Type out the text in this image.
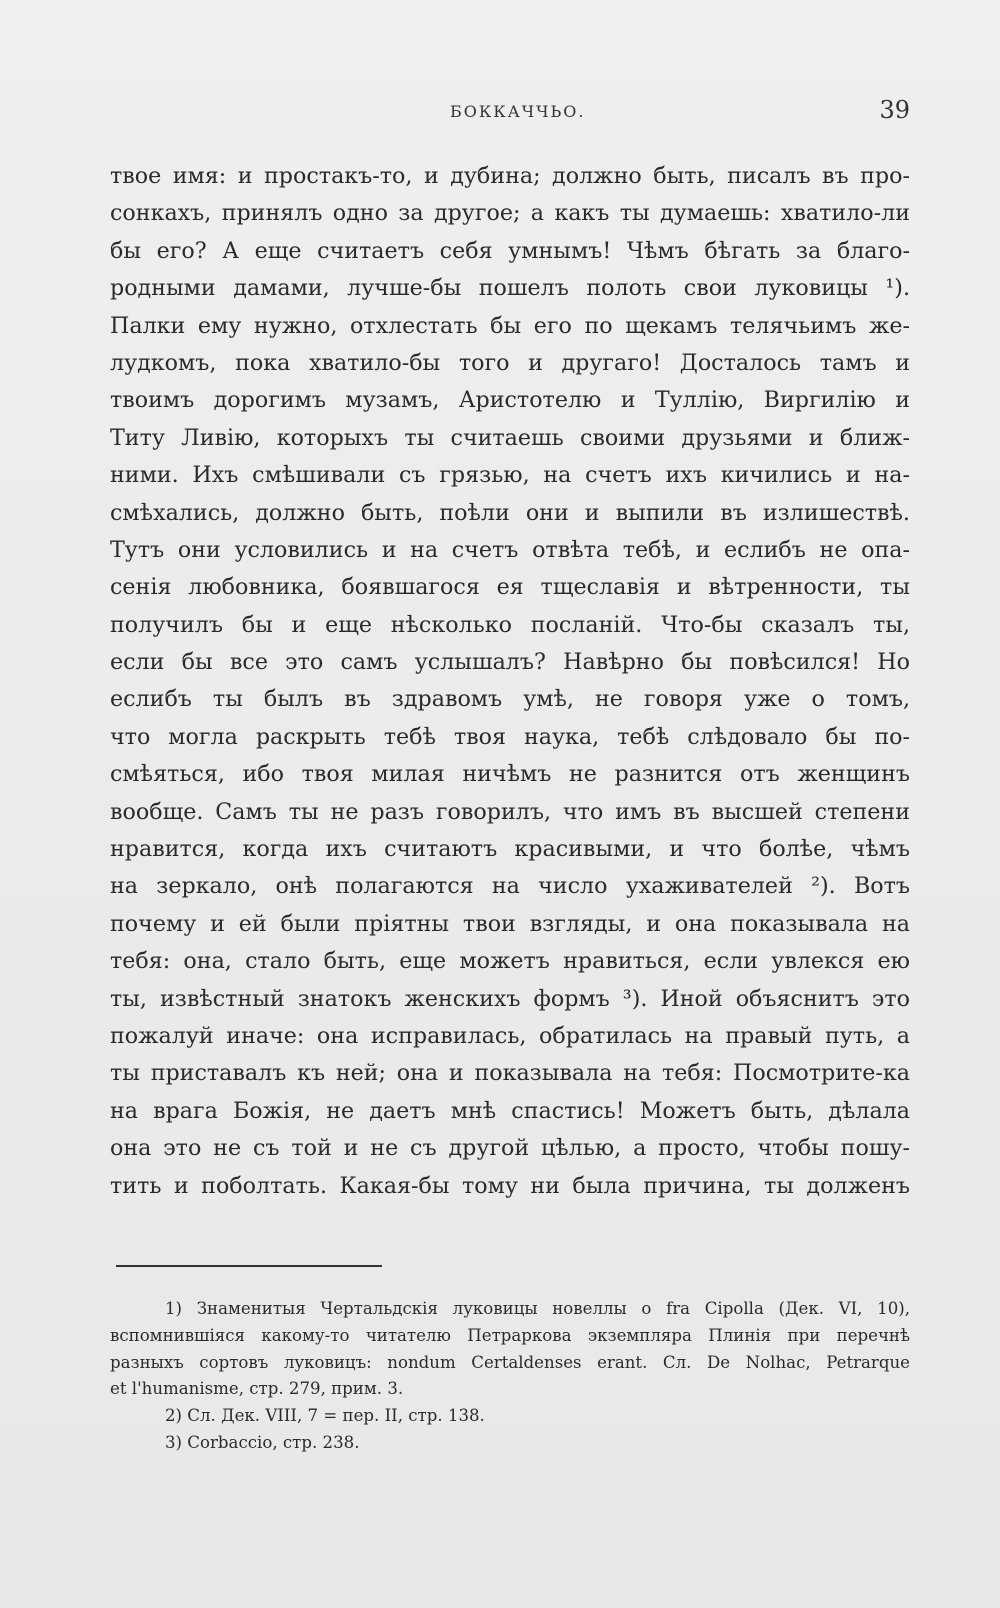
БОККАЧЧЬО.	39
твое имя: и простакъ-то, и дубина; должно быть, писалъ въ про-
сонкахъ, принялъ одно за другое; а какъ ты думаешь: хватило-ли
бы его? А еще считаетъ себя умнымъ! Чѣмъ бѣгать за благо-
родными дамами, лучше-бы пошелъ полоть свои луковицы ¹).
Палки ему нужно, отхлестать бы его по щекамъ телячьимъ же-
лудкомъ, пока хватило-бы того и другаго! Досталось тамъ и
твоимъ дорогимъ музамъ, Аристотелю и Туллію, Виргилію и
Титу Ливію, которыхъ ты считаешь своими друзьями и ближ-
ними. Ихъ смѣшивали съ грязью, на счетъ ихъ кичились и на-
смѣхались, должно быть, поѣли они и выпили въ излишествѣ.
Тутъ они условились и на счетъ отвѣта тебѣ, и еслибъ не опа-
сенія любовника, боявшагося ея тщеславія и вѣтренности, ты
получилъ бы и еще нѣсколько посланій. Что-бы сказалъ ты,
если бы все это самъ услышалъ? Навѣрно бы повѣсился! Но
еслибъ ты былъ въ здравомъ умѣ, не говоря уже о томъ,
что могла раскрыть тебѣ твоя наука, тебѣ слѣдовало бы по-
смѣяться, ибо твоя милая ничѣмъ не разнится отъ женщинъ
вообще. Самъ ты не разъ говорилъ, что имъ въ высшей степени
нравится, когда ихъ считаютъ красивыми, и что болѣе, чѣмъ
на зеркало, онѣ полагаются на число ухаживателей ²). Вотъ
почему и ей были пріятны твои взгляды, и она показывала на
тебя: она, стало быть, еще можетъ нравиться, если увлекся ею
ты, извѣстный знатокъ женскихъ формъ ³). Иной объяснитъ это
пожалуй иначе: она исправилась, обратилась на правый путь, а
ты приставалъ къ ней; она и показывала на тебя: Посмотрите-ка
на врага Божія, не даетъ мнѣ спастись! Можетъ быть, дѣлала
она это не съ той и не съ другой цѣлью, а просто, чтобы пошу-
тить и поболтать. Какая-бы тому ни была причина, ты долженъ
1) Знаменитыя Чертальдскія луковицы новеллы о fra Cipolla (Дек. VI, 10),
вспомнившіяся какому-то читателю Петраркова экземпляра Плинія при перечнѣ
разныхъ сортовъ луковицъ: nondum Certaldenses erant. Cл. De Nolhac, Petrarque
et l'humanisme, стр. 279, прим. 3.
2) Сл. Дек. VIII, 7 = пер. II, стр. 138.
3) Corbaccio, стр. 238.
